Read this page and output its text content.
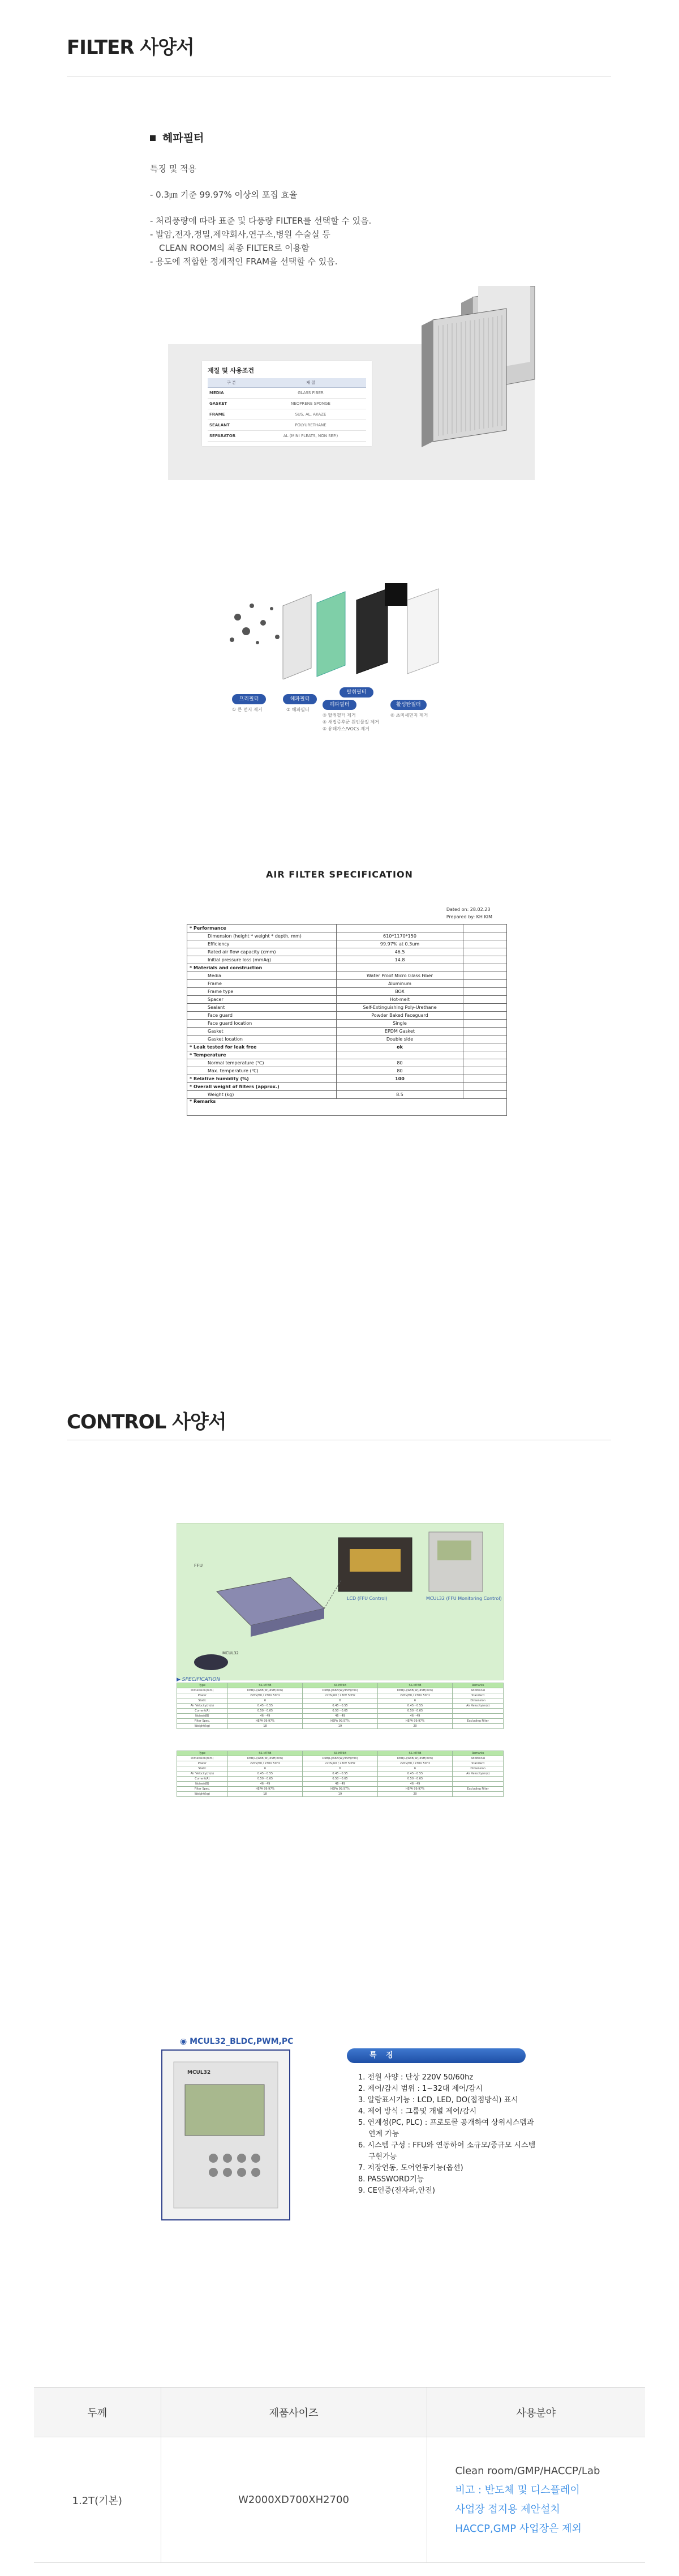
FILTER 사양서
헤파필터

특징 및 적용

- 0.3㎛ 기준 99.97% 이상의 포집 효율

- 처리풍량에 따라 표준 및 다풍량 FILTER를 선택할 수 있음.

- 발암,전자,정밀,제약회사,연구소,병원 수술실 등

CLEAN ROOM의 최종 FILTER로 이용함

- 용도에 적합한 정계적인 FRAM을 선택할 수 있음.

재질 및 사용조건
구 분	재 질
MEDIA	GLASS FIBER
GASKET	NEOPRENE SPONGE
FRAME	SUS, AL, AKAZE
SEALANT	POLYURETHANE
SEPARATOR	AL (MINI PLEATS, NON SEP.)
프리필터	헤파필터
탈취필터
헤파필터	활성탄필터
① 큰 먼지 제거	② 헤파필터
③ 탈취필터 제거
④ 새집증후군 원인물질 제거
⑤ 유해가스/VOCs 제거
⑥ 초미세먼지 제거
AIR FILTER SPECIFICATION
Dated on: 28.02.23
Prepared by: KH KIM
* Performance		
Dimension (height * weight * depth, mm)	610*1170*150	
Efficiency	99.97% at 0.3um	
Rated air flow capacity (cmm)	46.5	
Initial pressure loss (mmAq)	14.8	
* Materials and construction		
Media	Water Proof Micro Glass Fiber	
Frame	Aluminum	
Frame type	BOX	
Spacer	Hot-melt	
Sealant	Self-Extinguishing Poly-Urethane	
Face guard	Powder Baked Faceguard	
Face guard location	Single	
Gasket	EPDM Gasket	
Gasket location	Double side	
* Leak tested for leak free	ok	
* Temperature		
Normal temperature (℃)	80	
Max. temperature (℃)	80	
* Relative humidity (%)	100	
* Overall weight of filters (approx.)		
Weight (kg)	8.5	
* Remarks		
CONTROL 사양서
FFU
LCD (FFU Control)	MCUL32 (FFU Monitoring Control)
MCUL32
▶ SPECIFICATION
Type	SS-MT6B	SS-MT6B	SS-MT6B	Remarks
Dimension(mm)	D6B(L)/A6B(W)/45H(mm)	D6B(L)/A6B(W)/45H(mm)	D6B(L)/A6B(W)/45H(mm)	Additional
Power	220V/60 / 230V 50Hz	220V/60 / 230V 50Hz	220V/60 / 230V 50Hz	Standard
Static	6	6	6	Dimension
Air Velocity(m/s)	0.45 - 0.55	0.45 - 0.55	0.45 - 0.55	Air Velocity(m/s)
Current(A)	0.50 - 0.65	0.50 - 0.65	0.50 - 0.65	
Noise(dB)	46 - 49	46 - 49	46 - 49	
Filter Spec.	HEPA 99.97%	HEPA 99.97%	HEPA 99.97%	Excluding Filter
Weight(kg)	18	19	20	
Type	SS-MT6B	SS-MT6B	SS-MT6B	Remarks
Dimension(mm)	D6B(L)/A6B(W)/45H(mm)	D6B(L)/A6B(W)/45H(mm)	D6B(L)/A6B(W)/45H(mm)	Additional
Power	220V/60 / 230V 50Hz	220V/60 / 230V 50Hz	220V/60 / 230V 50Hz	Standard
Static	6	6	6	Dimension
Air Velocity(m/s)	0.45 - 0.55	0.45 - 0.55	0.45 - 0.55	Air Velocity(m/s)
Current(A)	0.50 - 0.65	0.50 - 0.65	0.50 - 0.65	
Noise(dB)	46 - 49	46 - 49	46 - 49	
Filter Spec.	HEPA 99.97%	HEPA 99.97%	HEPA 99.97%	Excluding Filter
Weight(kg)	18	19	20	
◉ MCUL32_BLDC,PWM,PC
MCUL32
특 징
1. 전원 사양 : 단상 220V 50/60hz
2. 제어/감시 범위 : 1~32대 제어/감시
3. 알람표시기능 : LCD, LED, DO(접점방식) 표시
4. 제어 방식 : 그룹및 개별 제어/감시
5. 연계성(PC, PLC) : 프로토콜 공개하여 상위시스템과
연계 가능
6. 시스템 구성 : FFU와 연동하여 소규모/중규모 시스템
구현가능
7. 저장연동, 도어연동기능(옵션)
8. PASSWORD기능
9. CE인증(전자파,안전)
두께	제품사이즈	사용분야
1.2T(기본)	W2000XD700XH2700	Clean room/GMP/HACCP/Lab
비고 : 반도체 및 디스플레이
사업장 접지용 제안설치
HACCP,GMP 사업장은 제외
